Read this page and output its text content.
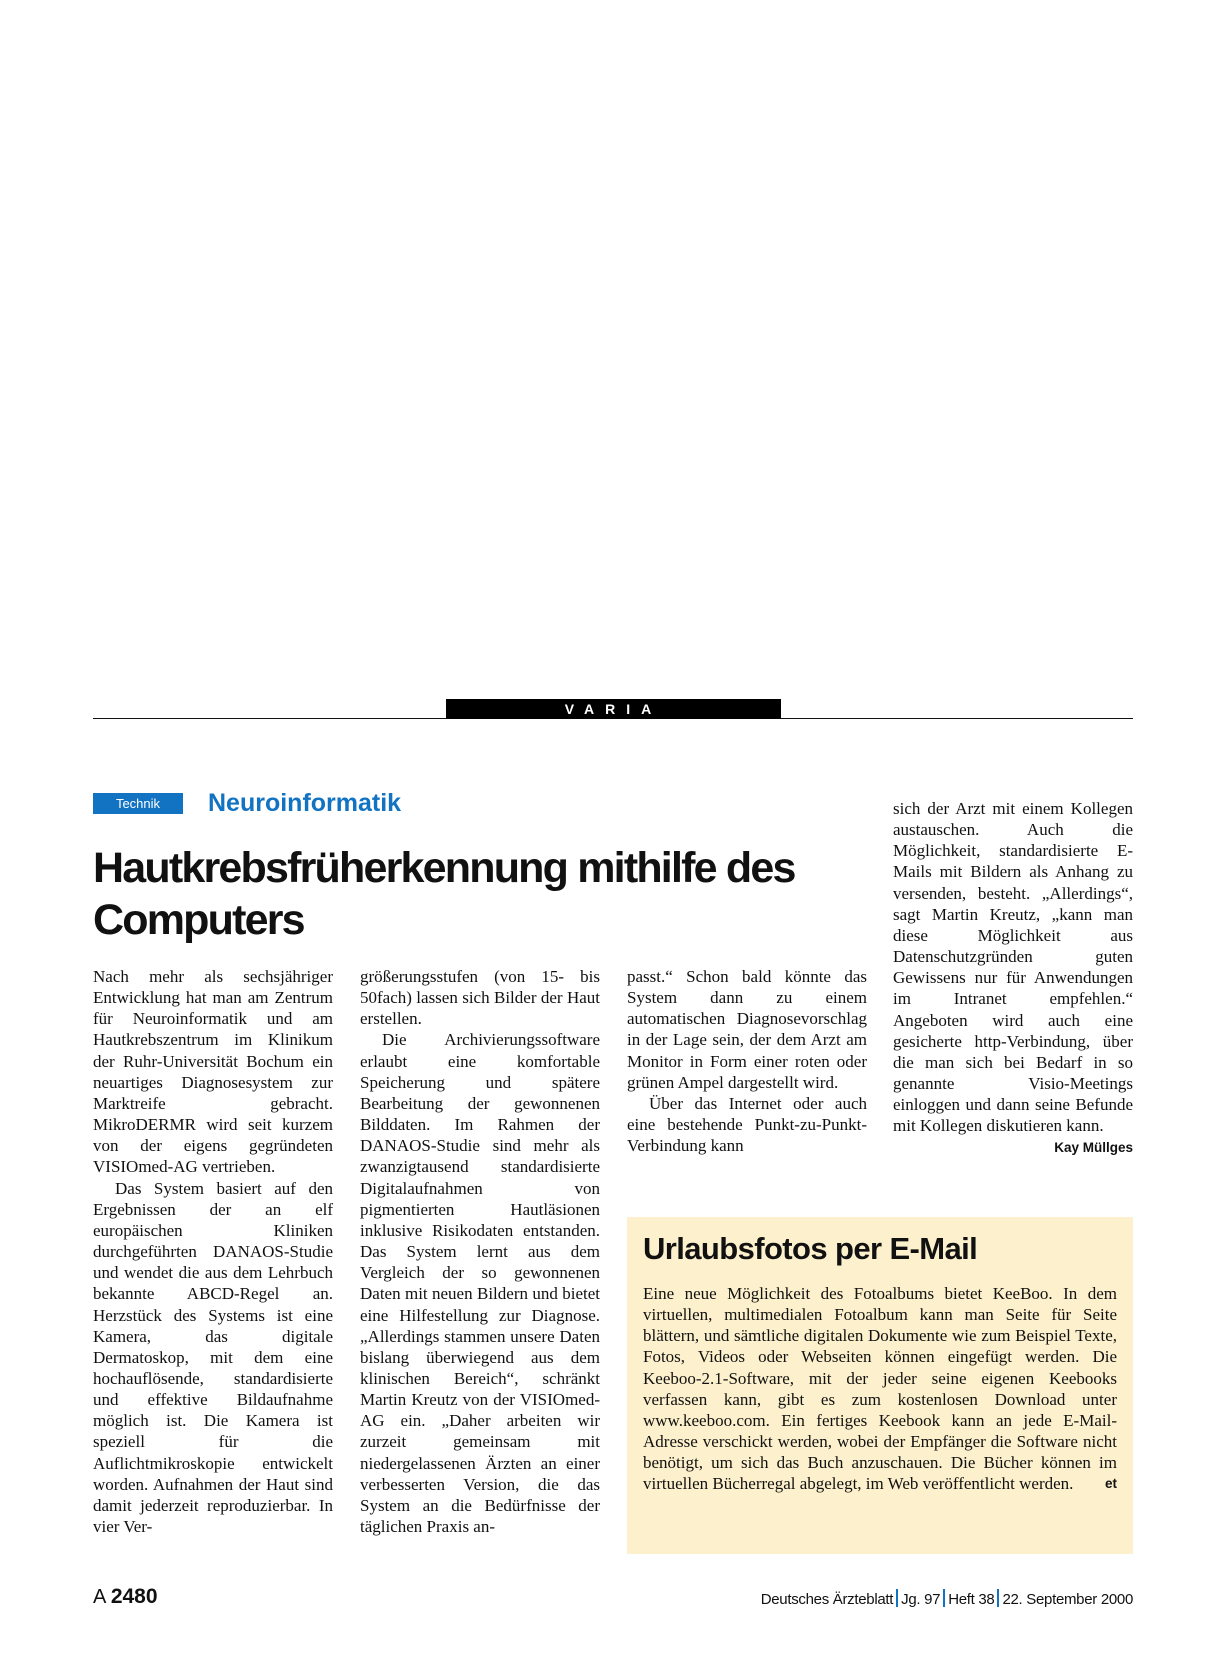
VARIA
Technik	Neuroinformatik
Hautkrebsfrüherkennung mithilfe des Computers

Nach mehr als sechsjähriger Entwicklung hat man am Zentrum für Neuroinformatik und am Hautkrebszentrum im Klinikum der Ruhr-Universität Bochum ein neuartiges Diagnosesystem zur Marktreife gebracht. MikroDERMR wird seit kurzem von der eigens gegründeten VISIOmed-AG vertrieben.

Das System basiert auf den Ergebnissen der an elf europäischen Kliniken durchgeführten DANAOS-Studie und wendet die aus dem Lehrbuch bekannte ABCD-Regel an. Herzstück des Systems ist eine Kamera, das digitale Dermatoskop, mit dem eine hochauflösende, standardisierte und effektive Bildaufnahme möglich ist. Die Kamera ist speziell für die Auflichtmikroskopie entwickelt worden. Aufnahmen der Haut sind damit jederzeit reproduzierbar. In vier Ver-

größerungsstufen (von 15- bis 50fach) lassen sich Bilder der Haut erstellen.

Die Archivierungssoftware erlaubt eine komfortable Speicherung und spätere Bearbeitung der gewonnenen Bilddaten. Im Rahmen der DANAOS-Studie sind mehr als zwanzigtausend standardisierte Digitalaufnahmen von pigmentierten Hautläsionen inklusive Risikodaten entstanden. Das System lernt aus dem Vergleich der so gewonnenen Daten mit neuen Bildern und bietet eine Hilfestellung zur Diagnose. „Allerdings stammen unsere Daten bislang überwiegend aus dem klinischen Bereich“, schränkt Martin Kreutz von der VISIOmed-AG ein. „Daher arbeiten wir zurzeit gemeinsam mit niedergelassenen Ärzten an einer verbesserten Version, die das System an die Bedürfnisse der täglichen Praxis an-

passt.“ Schon bald könnte das System dann zu einem automatischen Diagnosevorschlag in der Lage sein, der dem Arzt am Monitor in Form einer roten oder grünen Ampel dargestellt wird.

Über das Internet oder auch eine bestehende Punkt-zu-Punkt-Verbindung kann

sich der Arzt mit einem Kollegen austauschen. Auch die Möglichkeit, standardisierte E-Mails mit Bildern als Anhang zu versenden, besteht. „Allerdings“, sagt Martin Kreutz, „kann man diese Möglichkeit aus Datenschutzgründen guten Gewissens nur für Anwendungen im Intranet empfehlen.“ Angeboten wird auch eine gesicherte http-Verbindung, über die man sich bei Bedarf in so genannte Visio-Meetings einloggen und dann seine Befunde mit Kollegen diskutieren kann.
Kay Müllges

Urlaubsfotos per E-Mail

Eine neue Möglichkeit des Fotoalbums bietet KeeBoo. In dem virtuellen, multimedialen Fotoalbum kann man Seite für Seite blättern, und sämtliche digitalen Dokumente wie zum Beispiel Texte, Fotos, Videos oder Webseiten können eingefügt werden. Die Keeboo-2.1-Software, mit der jeder seine eigenen Keebooks verfassen kann, gibt es zum kostenlosen Download unter www.keeboo.com. Ein fertiges Keebook kann an jede E-Mail-Adresse verschickt werden, wobei der Empfänger die Software nicht benötigt, um sich das Buch anzuschauen. Die Bücher können im virtuellen Bücherregal abgelegt, im Web veröffentlicht werden. et

A 2480	Deutsches Ärzteblatt Jg. 97 Heft 38 22. September 2000
